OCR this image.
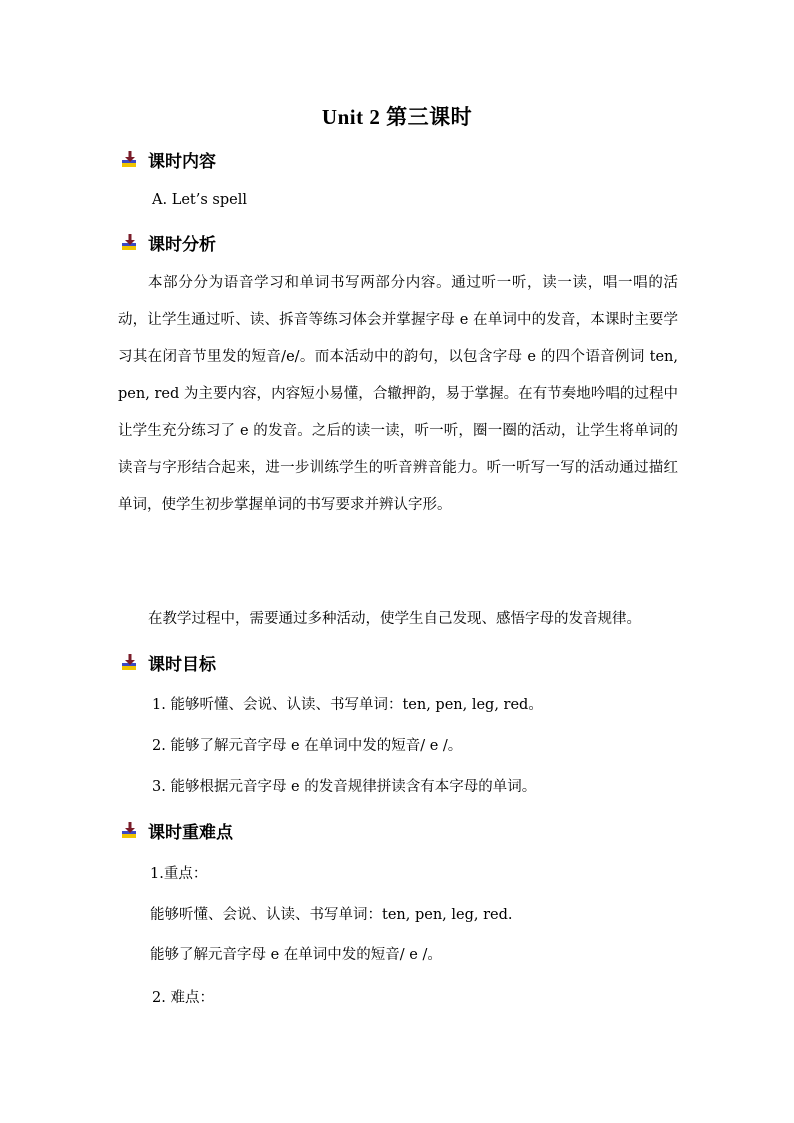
Unit 2 第三课时
课时内容
A. Let’s spell
课时分析
本部分分为语音学习和单词书写两部分内容。通过听一听，读一读，唱一唱的活动，让学生通过听、读、拆音等练习体会并掌握字母 e 在单词中的发音，本课时主要学习其在闭音节里发的短音/e/。而本活动中的韵句，以包含字母 e 的四个语音例词 ten, pen, red 为主要内容，内容短小易懂，合辙押韵，易于掌握。在有节奏地吟唱的过程中让学生充分练习了 e 的发音。之后的读一读，听一听，圈一圈的活动，让学生将单词的读音与字形结合起来，进一步训练学生的听音辨音能力。听一听写一写的活动通过描红单词，使学生初步掌握单词的书写要求并辨认字形。
在教学过程中，需要通过多种活动，使学生自己发现、感悟字母的发音规律。
课时目标
1. 能够听懂、会说、认读、书写单词：ten, pen, leg, red。
2. 能够了解元音字母 e 在单词中发的短音/ e /。
3. 能够根据元音字母 e 的发音规律拼读含有本字母的单词。
课时重难点
1.重点：
能够听懂、会说、认读、书写单词：ten, pen, leg, red.
能够了解元音字母 e 在单词中发的短音/ e /。
2. 难点：
